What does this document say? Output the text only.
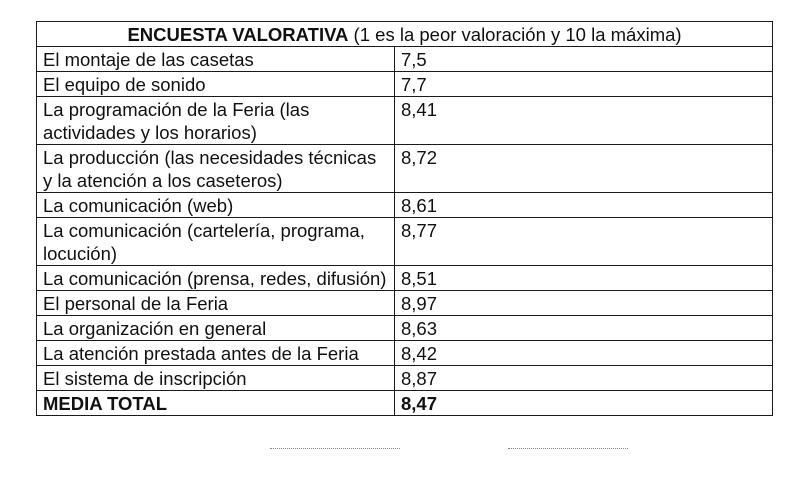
ENCUESTA VALORATIVA (1 es la peor valoración y 10 la máxima)	
El montaje de las casetas	7,5
El equipo de sonido	7,7
La programación de la Feria (las actividades y los horarios)	8,41
La producción (las necesidades técnicas y la atención a los caseteros)	8,72
La comunicación (web)	8,61
La comunicación (cartelería, programa, locución)	8,77
La comunicación (prensa, redes, difusión)	8,51
El personal de la Feria	8,97
La organización en general	8,63
La atención prestada antes de la Feria	8,42
El sistema de inscripción	8,87
MEDIA TOTAL	8,47
